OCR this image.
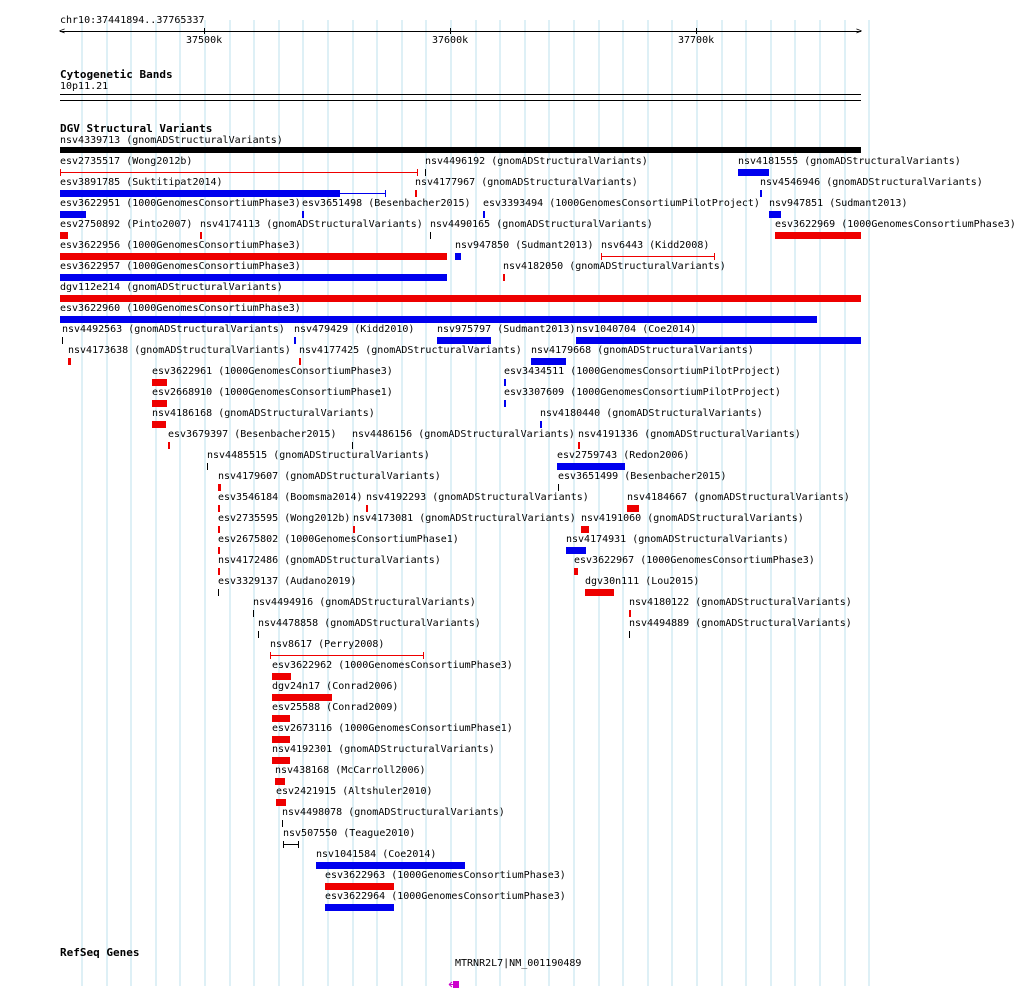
chr10:37441894..37765337
<	>
37500k	37600k	37700k
Cytogenetic Bands
10p11.21
DGV Structural Variants
nsv4339713 (gnomADStructuralVariants)
esv2735517 (Wong2012b)	nsv4496192 (gnomADStructuralVariants)	nsv4181555 (gnomADStructuralVariants)
esv3891785 (Suktitipat2014)	nsv4177967 (gnomADStructuralVariants)	nsv4546946 (gnomADStructuralVariants)
esv3622951 (1000GenomesConsortiumPhase3) esv3651498 (Besenbacher2015) esv3393494 (1000GenomesConsortiumPilotProject) nsv947851 (Sudmant2013)
esv2750892 (Pinto2007) nsv4174113 (gnomADStructuralVariants) nsv4490165 (gnomADStructuralVariants)	esv3622969 (1000GenomesConsortiumPhase3)
esv3622956 (1000GenomesConsortiumPhase3)	nsv947850 (Sudmant2013) nsv6443 (Kidd2008)
esv3622957 (1000GenomesConsortiumPhase3)	nsv4182050 (gnomADStructuralVariants)
dgv112e214 (gnomADStructuralVariants)
esv3622960 (1000GenomesConsortiumPhase3)
nsv4492563 (gnomADStructuralVariants) nsv479429 (Kidd2010) nsv975797 (Sudmant2013) nsv1040704 (Coe2014)
nsv4173638 (gnomADStructuralVariants) nsv4177425 (gnomADStructuralVariants) nsv4179668 (gnomADStructuralVariants)
esv3622961 (1000GenomesConsortiumPhase3)	esv3434511 (1000GenomesConsortiumPilotProject)
esv2668910 (1000GenomesConsortiumPhase1)	esv3307609 (1000GenomesConsortiumPilotProject)
nsv4186168 (gnomADStructuralVariants)	nsv4180440 (gnomADStructuralVariants)
esv3679397 (Besenbacher2015) nsv4486156 (gnomADStructuralVariants) nsv4191336 (gnomADStructuralVariants)
nsv4485515 (gnomADStructuralVariants)	esv2759743 (Redon2006)
nsv4179607 (gnomADStructuralVariants)	esv3651499 (Besenbacher2015)
esv3546184 (Boomsma2014) nsv4192293 (gnomADStructuralVariants)	nsv4184667 (gnomADStructuralVariants)
esv2735595 (Wong2012b) nsv4173081 (gnomADStructuralVariants) nsv4191060 (gnomADStructuralVariants)
esv2675802 (1000GenomesConsortiumPhase1)	nsv4174931 (gnomADStructuralVariants)
nsv4172486 (gnomADStructuralVariants)	esv3622967 (1000GenomesConsortiumPhase3)
esv3329137 (Audano2019)	dgv30n111 (Lou2015)
nsv4494916 (gnomADStructuralVariants)	nsv4180122 (gnomADStructuralVariants)
nsv4478858 (gnomADStructuralVariants)	nsv4494889 (gnomADStructuralVariants)
nsv8617 (Perry2008)
esv3622962 (1000GenomesConsortiumPhase3)
dgv24n17 (Conrad2006)
esv25588 (Conrad2009)
esv2673116 (1000GenomesConsortiumPhase1)
nsv4192301 (gnomADStructuralVariants)
nsv438168 (McCarroll2006)
esv2421915 (Altshuler2010)
nsv4498078 (gnomADStructuralVariants)
nsv507550 (Teague2010)
nsv1041584 (Coe2014)
esv3622963 (1000GenomesConsortiumPhase3)
esv3622964 (1000GenomesConsortiumPhase3)
RefSeq Genes
MTRNR2L7|NM_001190489
